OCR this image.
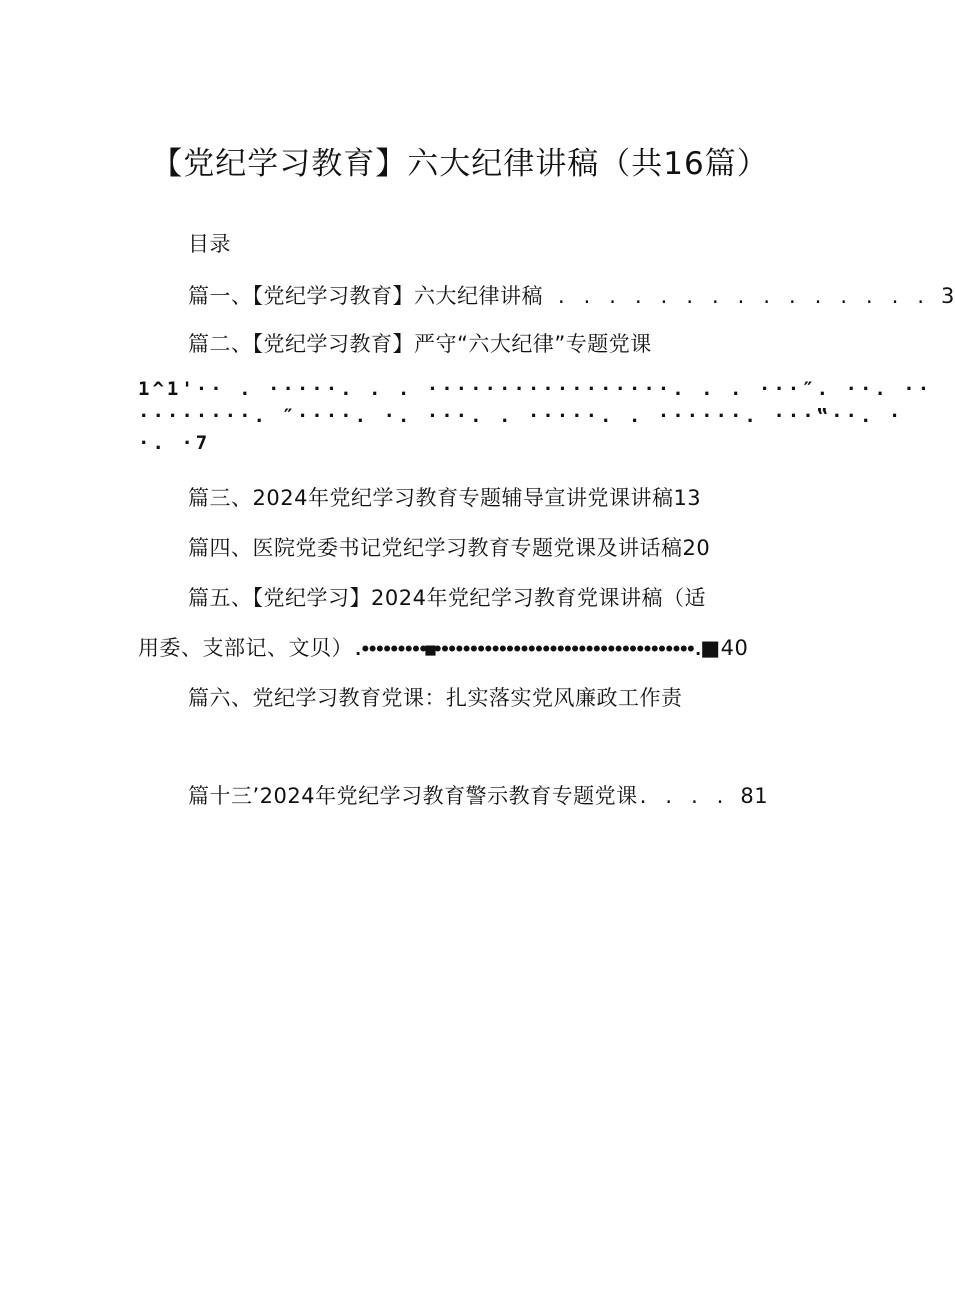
【党纪学习教育】六大纪律讲稿（共16篇）
目录
篇一、【党纪学习教育】六大纪律讲稿 . . . . . . . . . . . . . . . 3
篇二、【党纪学习教育】严守“六大纪律”专题党课
1^1'·· . ·····. . . ·················. . . ···″. ··. ··
········. ″····. ·. ···. . ·····. . ······. ···‟··. ·
·. ·7
篇三、2024年党纪学习教育专题辅导宣讲党课讲稿13
篇四、医院党委书记党纪学习教育专题党课及讲话稿20
篇五、【党纪学习】2024年党纪学习教育党课讲稿（适
用委、支部记、文贝）.•••••••••■••••••••••••••••••••••••••••••••••••.■40
篇六、党纪学习教育党课：扎实落实党风廉政工作责
篇十三’2024年党纪学习教育警示教育专题党课. . . . 81
